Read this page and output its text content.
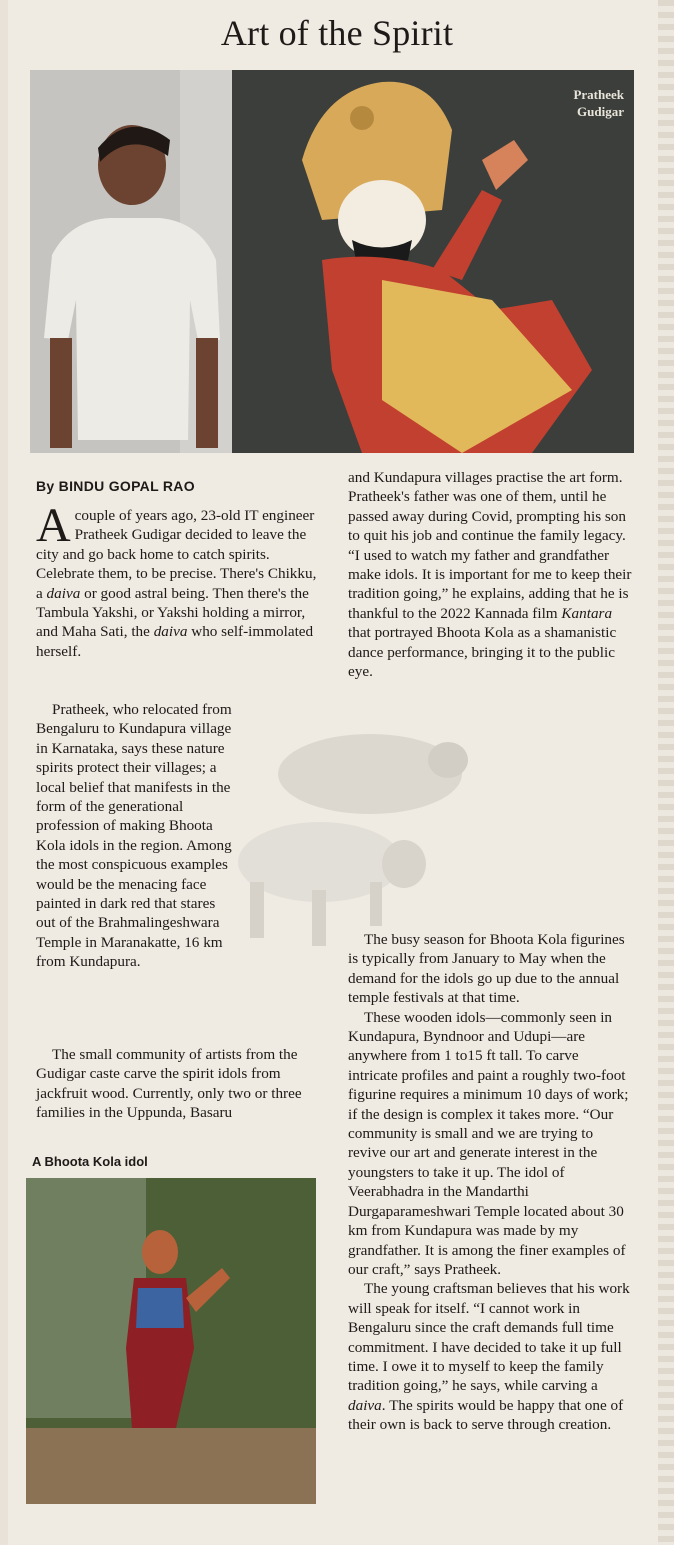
Art of the Spirit
Pratheek
Gudigar
By BINDU GOPAL RAO

Acouple of years ago, 23-old IT engineer Pratheek Gudigar decided to leave the city and go back home to catch spirits. Celebrate them, to be precise. There's Chikku, a daiva or good astral being. Then there's the Tambula Yakshi, or Yakshi holding a mirror, and Maha Sati, the daiva who self-immolated herself.

Pratheek, who relocated from Bengaluru to Kundapura village in Karnataka, says these nature spirits protect their villages; a local belief that manifests in the form of the generational profession of making Bhoota Kola idols in the region. Among the most conspicuous examples would be the menacing face painted in dark red that stares out of the Brahmalingeshwara Temple in Maranakatte, 16 km from Kundapura.

The small community of artists from the Gudigar caste carve the spirit idols from jackfruit wood. Currently, only two or three families in the Uppunda, Basaru

A Bhoota Kola idol

and Kundapura villages practise the art form. Pratheek's father was one of them, until he passed away during Covid, prompting his son to quit his job and continue the family legacy. “I used to watch my father and grandfather make idols. It is important for me to keep their tradition going,” he explains, adding that he is thankful to the 2022 Kannada film Kantara that portrayed Bhoota Kola as a shamanistic dance performance, bringing it to the public eye.

The busy season for Bhoota Kola figurines is typically from January to May when the demand for the idols go up due to the annual temple festivals at that time.

These wooden idols—commonly seen in Kundapura, Byndnoor and Udupi—are anywhere from 1 to15 ft tall. To carve intricate profiles and paint a roughly two-foot figurine requires a minimum 10 days of work; if the design is complex it takes more. “Our community is small and we are trying to revive our art and generate interest in the youngsters to take it up. The idol of Veerabhadra in the Mandarthi Durgaparameshwari Temple located about 30 km from Kundapura was made by my grandfather. It is among the finer examples of our craft,” says Pratheek.

The young craftsman believes that his work will speak for itself. “I cannot work in Bengaluru since the craft demands full time commitment. I have decided to take it up full time. I owe it to myself to keep the family tradition going,” he says, while carving a daiva. The spirits would be happy that one of their own is back to serve through creation.
